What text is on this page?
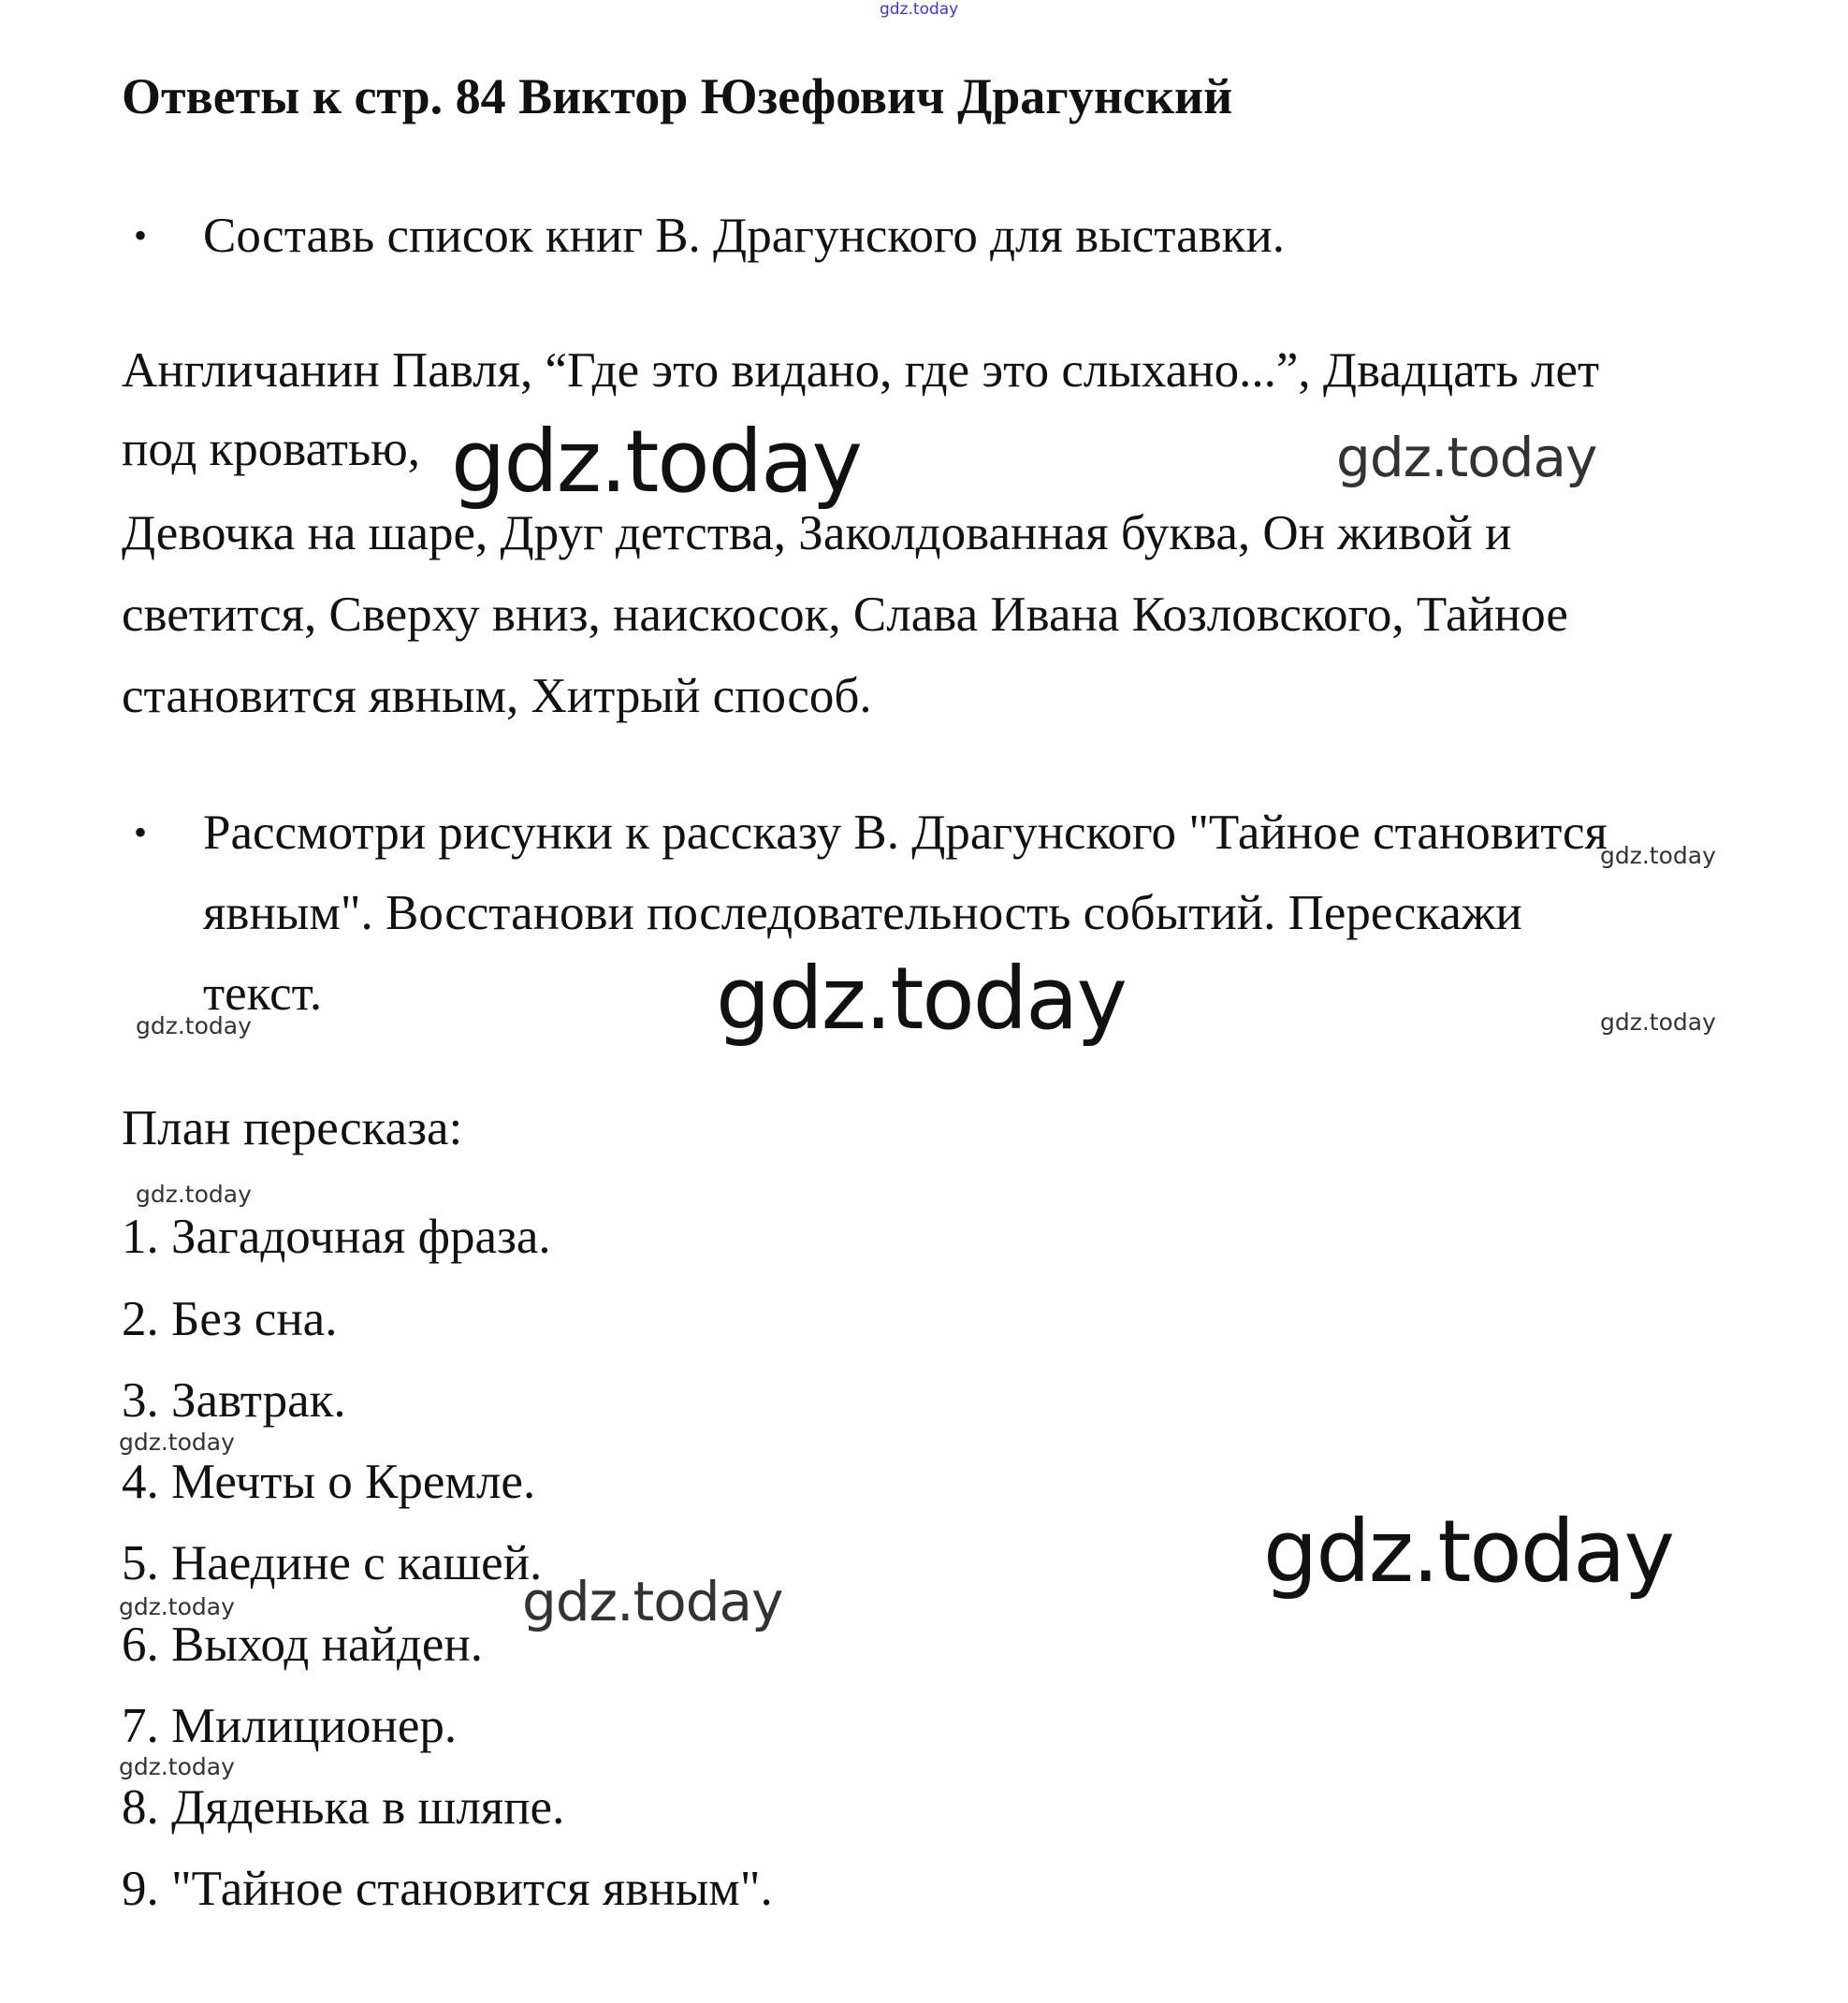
Ответы к стр. 84 Виктор Юзефович Драгунский
• Составь список книг В. Драгунского для выставки.
Англичанин Павля, “Где это видано, где это слыхано...”, Двадцать лет
под кроватью,
Девочка на шаре, Друг детства, Заколдованная буква, Он живой и
светится, Сверху вниз, наискосок, Слава Ивана Козловского, Тайное
становится явным, Хитрый способ.
• Рассмотри рисунки к рассказу В. Драгунского "Тайное становится
явным". Восстанови последовательность событий. Перескажи
текст.
План пересказа:
1. Загадочная фраза.
2. Без сна.
3. Завтрак.
4. Мечты о Кремле.
5. Наедине с кашей.
6. Выход найден.
7. Милиционер.
8. Дяденька в шляпе.
9. "Тайное становится явным".
gdz.today
gdz.today	gdz.today
gdz.today
gdz.today
gdz.today	gdz.today
gdz.today
gdz.today
gdz.today
gdz.today	gdz.today
gdz.today
